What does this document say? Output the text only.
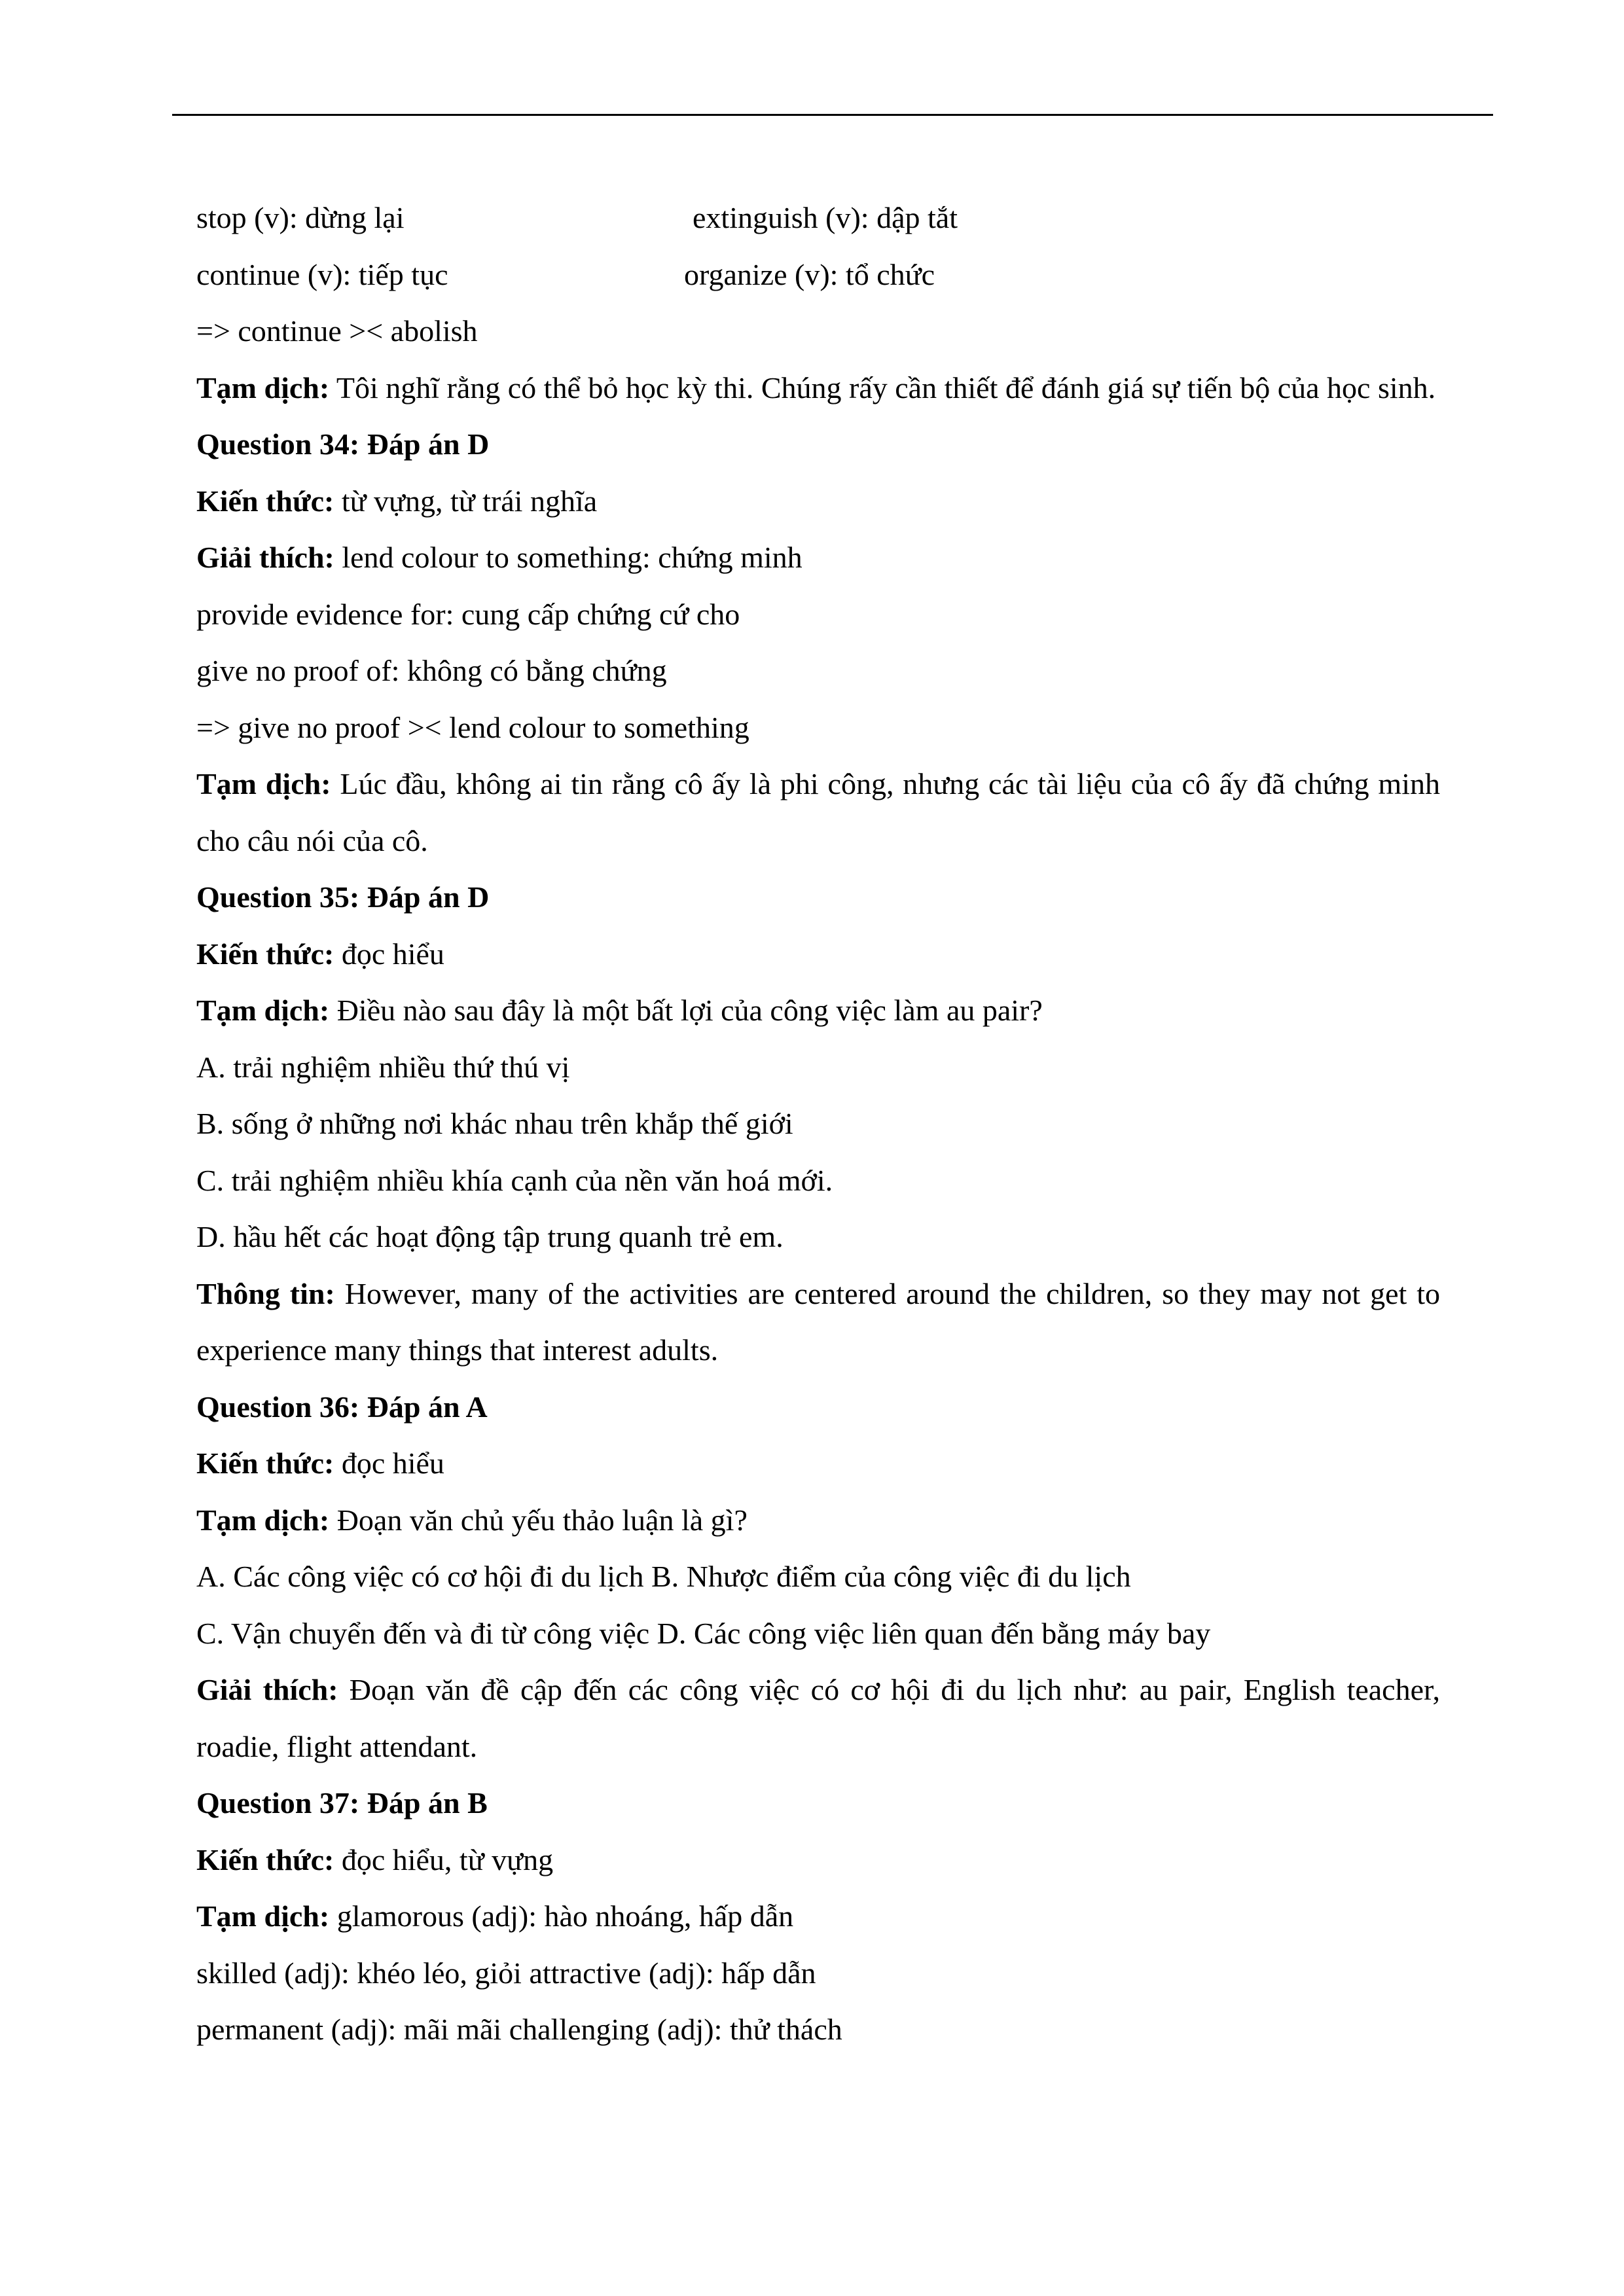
stop (v): dừng lại	extinguish (v): dập tắt
continue (v): tiếp tục	organize (v): tổ chức
=> continue >< abolish
Tạm dịch: Tôi nghĩ rằng có thể bỏ học kỳ thi. Chúng rấy cần thiết để đánh giá sự tiến bộ của học sinh.
Question 34: Đáp án D
Kiến thức: từ vựng, từ trái nghĩa
Giải thích: lend colour to something: chứng minh
provide evidence for: cung cấp chứng cứ cho
give no proof of: không có bằng chứng
=> give no proof >< lend colour to something
Tạm dịch: Lúc đầu, không ai tin rằng cô ấy là phi công, nhưng các tài liệu của cô ấy đã chứng minh cho câu nói của cô.
Question 35: Đáp án D
Kiến thức: đọc hiểu
Tạm dịch: Điều nào sau đây là một bất lợi của công việc làm au pair?
A. trải nghiệm nhiều thứ thú vị
B. sống ở những nơi khác nhau trên khắp thế giới
C. trải nghiệm nhiều khía cạnh của nền văn hoá mới.
D. hầu hết các hoạt động tập trung quanh trẻ em.
Thông tin: However, many of the activities are centered around the children, so they may not get to experience many things that interest adults.
Question 36: Đáp án A
Kiến thức: đọc hiểu
Tạm dịch: Đoạn văn chủ yếu thảo luận là gì?
A. Các công việc có cơ hội đi du lịch B. Nhược điểm của công việc đi du lịch
C. Vận chuyển đến và đi từ công việc D. Các công việc liên quan đến bằng máy bay
Giải thích: Đoạn văn đề cập đến các công việc có cơ hội đi du lịch như: au pair, English teacher, roadie, flight attendant.
Question 37: Đáp án B
Kiến thức: đọc hiểu, từ vựng
Tạm dịch: glamorous (adj): hào nhoáng, hấp dẫn
skilled (adj): khéo léo, giỏi attractive (adj): hấp dẫn
permanent (adj): mãi mãi challenging (adj): thử thách
